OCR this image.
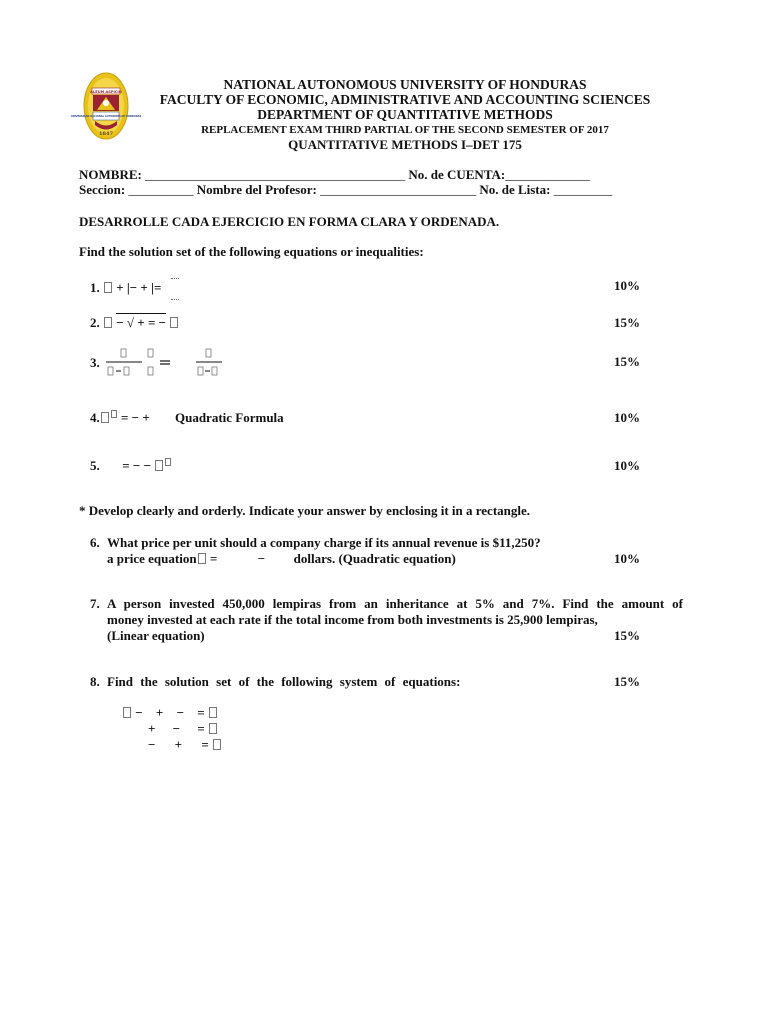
ALEUM ASPICIO
UNIVERSIDAD NACIONAL AUTONOMA DE HONDURAS
1847
NATIONAL AUTONOMOUS UNIVERSITY OF HONDURAS
FACULTY OF ECONOMIC, ADMINISTRATIVE AND ACCOUNTING SCIENCES
DEPARTMENT OF QUANTITATIVE METHODS
REPLACEMENT EXAM THIRD PARTIAL OF THE SECOND SEMESTER OF 2017
QUANTITATIVE METHODS I–DET 175
NOMBRE: ________________________________________ No. de CUENTA:_____________
Seccion: __________ Nombre del Profesor: ________________________ No. de Lista: _________
DESARROLLE CADA EJERCICIO EN FORMA CLARA Y ORDENADA.
Find the solution set of the following equations or inequalities:
1. + |− + |=	10%
2. − √ + = −	15%
3.	15%
4. = − + Quadratic Formula	10%
5. = − −	10%
* Develop clearly and orderly. Indicate your answer by enclosing it in a rectangle.
6. What price per unit should a company charge if its annual revenue is $11,250?
a price equation =	− dollars. (Quadratic equation)	10%
7. A person invested 450,000 lempiras from an inheritance at 5% and 7%. Find the amount of
money invested at each rate if the total income from both investments is 25,900 lempiras,
(Linear equation)	15%
8. Find the solution set of the following system of equations:	15%
− + − =
+ − =
− + =
